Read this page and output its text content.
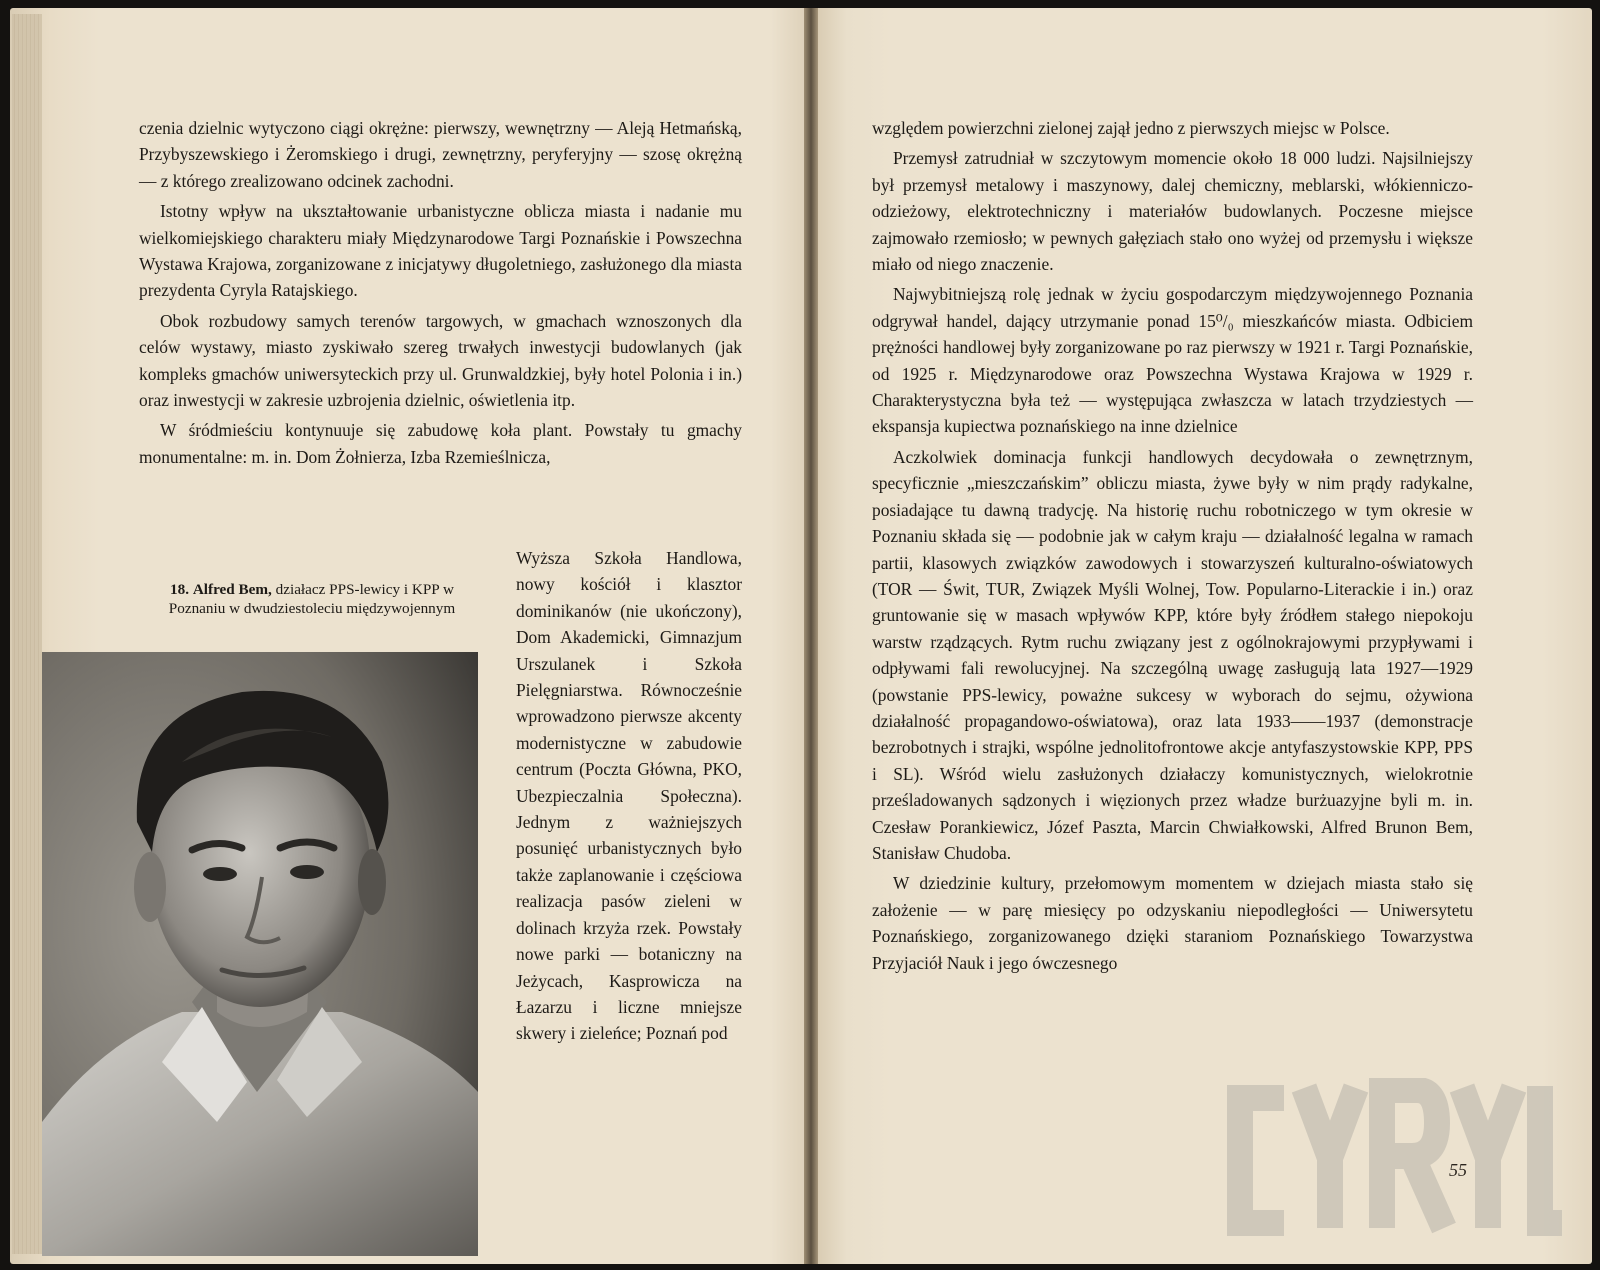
czenia dzielnic wytyczono ciągi okrężne: pierwszy, wewnętrzny — Aleją Hetmańską, Przybyszewskiego i Żeromskiego i drugi, zewnętrzny, peryferyjny — szosę okrężną — z którego zrealizowano odcinek zachodni.

Istotny wpływ na ukształtowanie urbanistyczne oblicza miasta i nadanie mu wielkomiejskiego charakteru miały Międzynarodowe Targi Poznańskie i Powszechna Wystawa Krajowa, zorganizowane z inicjatywy długoletniego, zasłużonego dla miasta prezydenta Cyryla Ratajskiego.

Obok rozbudowy samych terenów targowych, w gmachach wznoszonych dla celów wystawy, miasto zyskiwało szereg trwałych inwestycji budowlanych (jak kompleks gmachów uniwersyteckich przy ul. Grunwaldzkiej, były hotel Polonia i in.) oraz inwestycji w zakresie uzbrojenia dzielnic, oświetlenia itp.

W śródmieściu kontynuuje się zabudowę koła plant. Powstały tu gmachy monumentalne: m. in. Dom Żołnierza, Izba Rzemieślnicza,

18. Alfred Bem, działacz PPS-lewicy i KPP w Poznaniu w dwudziestoleciu międzywojennym

Wyższa Szkoła Handlowa, nowy kościół i klasztor dominikanów (nie ukończony), Dom Akademicki, Gimnazjum Urszulanek i Szkoła Pielęgniarstwa. Równocześnie wprowadzono pierwsze akcenty modernistyczne w zabudowie centrum (Poczta Główna, PKO, Ubezpieczalnia Społeczna). Jednym z ważniejszych posunięć urbanistycznych było także zaplanowanie i częściowa realizacja pasów zieleni w dolinach krzyża rzek. Powstały nowe parki — botaniczny na Jeżycach, Kasprowicza na Łazarzu i liczne mniejsze skwery i zieleńce; Poznań pod

względem powierzchni zielonej zajął jedno z pierwszych miejsc w Polsce.

Przemysł zatrudniał w szczytowym momencie około 18 000 ludzi. Najsilniejszy był przemysł metalowy i maszynowy, dalej chemiczny, meblarski, włókienniczo-odzieżowy, elektrotechniczny i materiałów budowlanych. Poczesne miejsce zajmowało rzemiosło; w pewnych gałęziach stało ono wyżej od przemysłu i większe miało od niego znaczenie.

Najwybitniejszą rolę jednak w życiu gospodarczym międzywojennego Poznania odgrywał handel, dający utrzymanie ponad 15⁰/₀ mieszkańców miasta. Odbiciem prężności handlowej były zorganizowane po raz pierwszy w 1921 r. Targi Poznańskie, od 1925 r. Międzynarodowe oraz Powszechna Wystawa Krajowa w 1929 r. Charakterystyczna była też — występująca zwłaszcza w latach trzydziestych — ekspansja kupiectwa poznańskiego na inne dzielnice

Aczkolwiek dominacja funkcji handlowych decydowała o zewnętrznym, specyficznie „mieszczańskim” obliczu miasta, żywe były w nim prądy radykalne, posiadające tu dawną tradycję. Na historię ruchu robotniczego w tym okresie w Poznaniu składa się — podobnie jak w całym kraju — działalność legalna w ramach partii, klasowych związków zawodowych i stowarzyszeń kulturalno-oświatowych (TOR — Świt, TUR, Związek Myśli Wolnej, Tow. Popularno-Literackie i in.) oraz gruntowanie się w masach wpływów KPP, które były źródłem stałego niepokoju warstw rządzących. Rytm ruchu związany jest z ogólnokrajowymi przypływami i odpływami fali rewolucyjnej. Na szczególną uwagę zasługują lata 1927—1929 (powstanie PPS-lewicy, poważne sukcesy w wyborach do sejmu, ożywiona działalność propagandowo-oświatowa), oraz lata 1933——1937 (demonstracje bezrobotnych i strajki, wspólne jednolitofrontowe akcje antyfaszystowskie KPP, PPS i SL). Wśród wielu zasłużonych działaczy komunistycznych, wielokrotnie prześladowanych sądzonych i więzionych przez władze burżuazyjne byli m. in. Czesław Porankiewicz, Józef Paszta, Marcin Chwiałkowski, Alfred Brunon Bem, Stanisław Chudoba.

W dziedzinie kultury, przełomowym momentem w dziejach miasta stało się założenie — w parę miesięcy po odzyskaniu niepodległości — Uniwersytetu Poznańskiego, zorganizowanego dzięki staraniom Poznańskiego Towarzystwa Przyjaciół Nauk i jego ówczesnego

55
